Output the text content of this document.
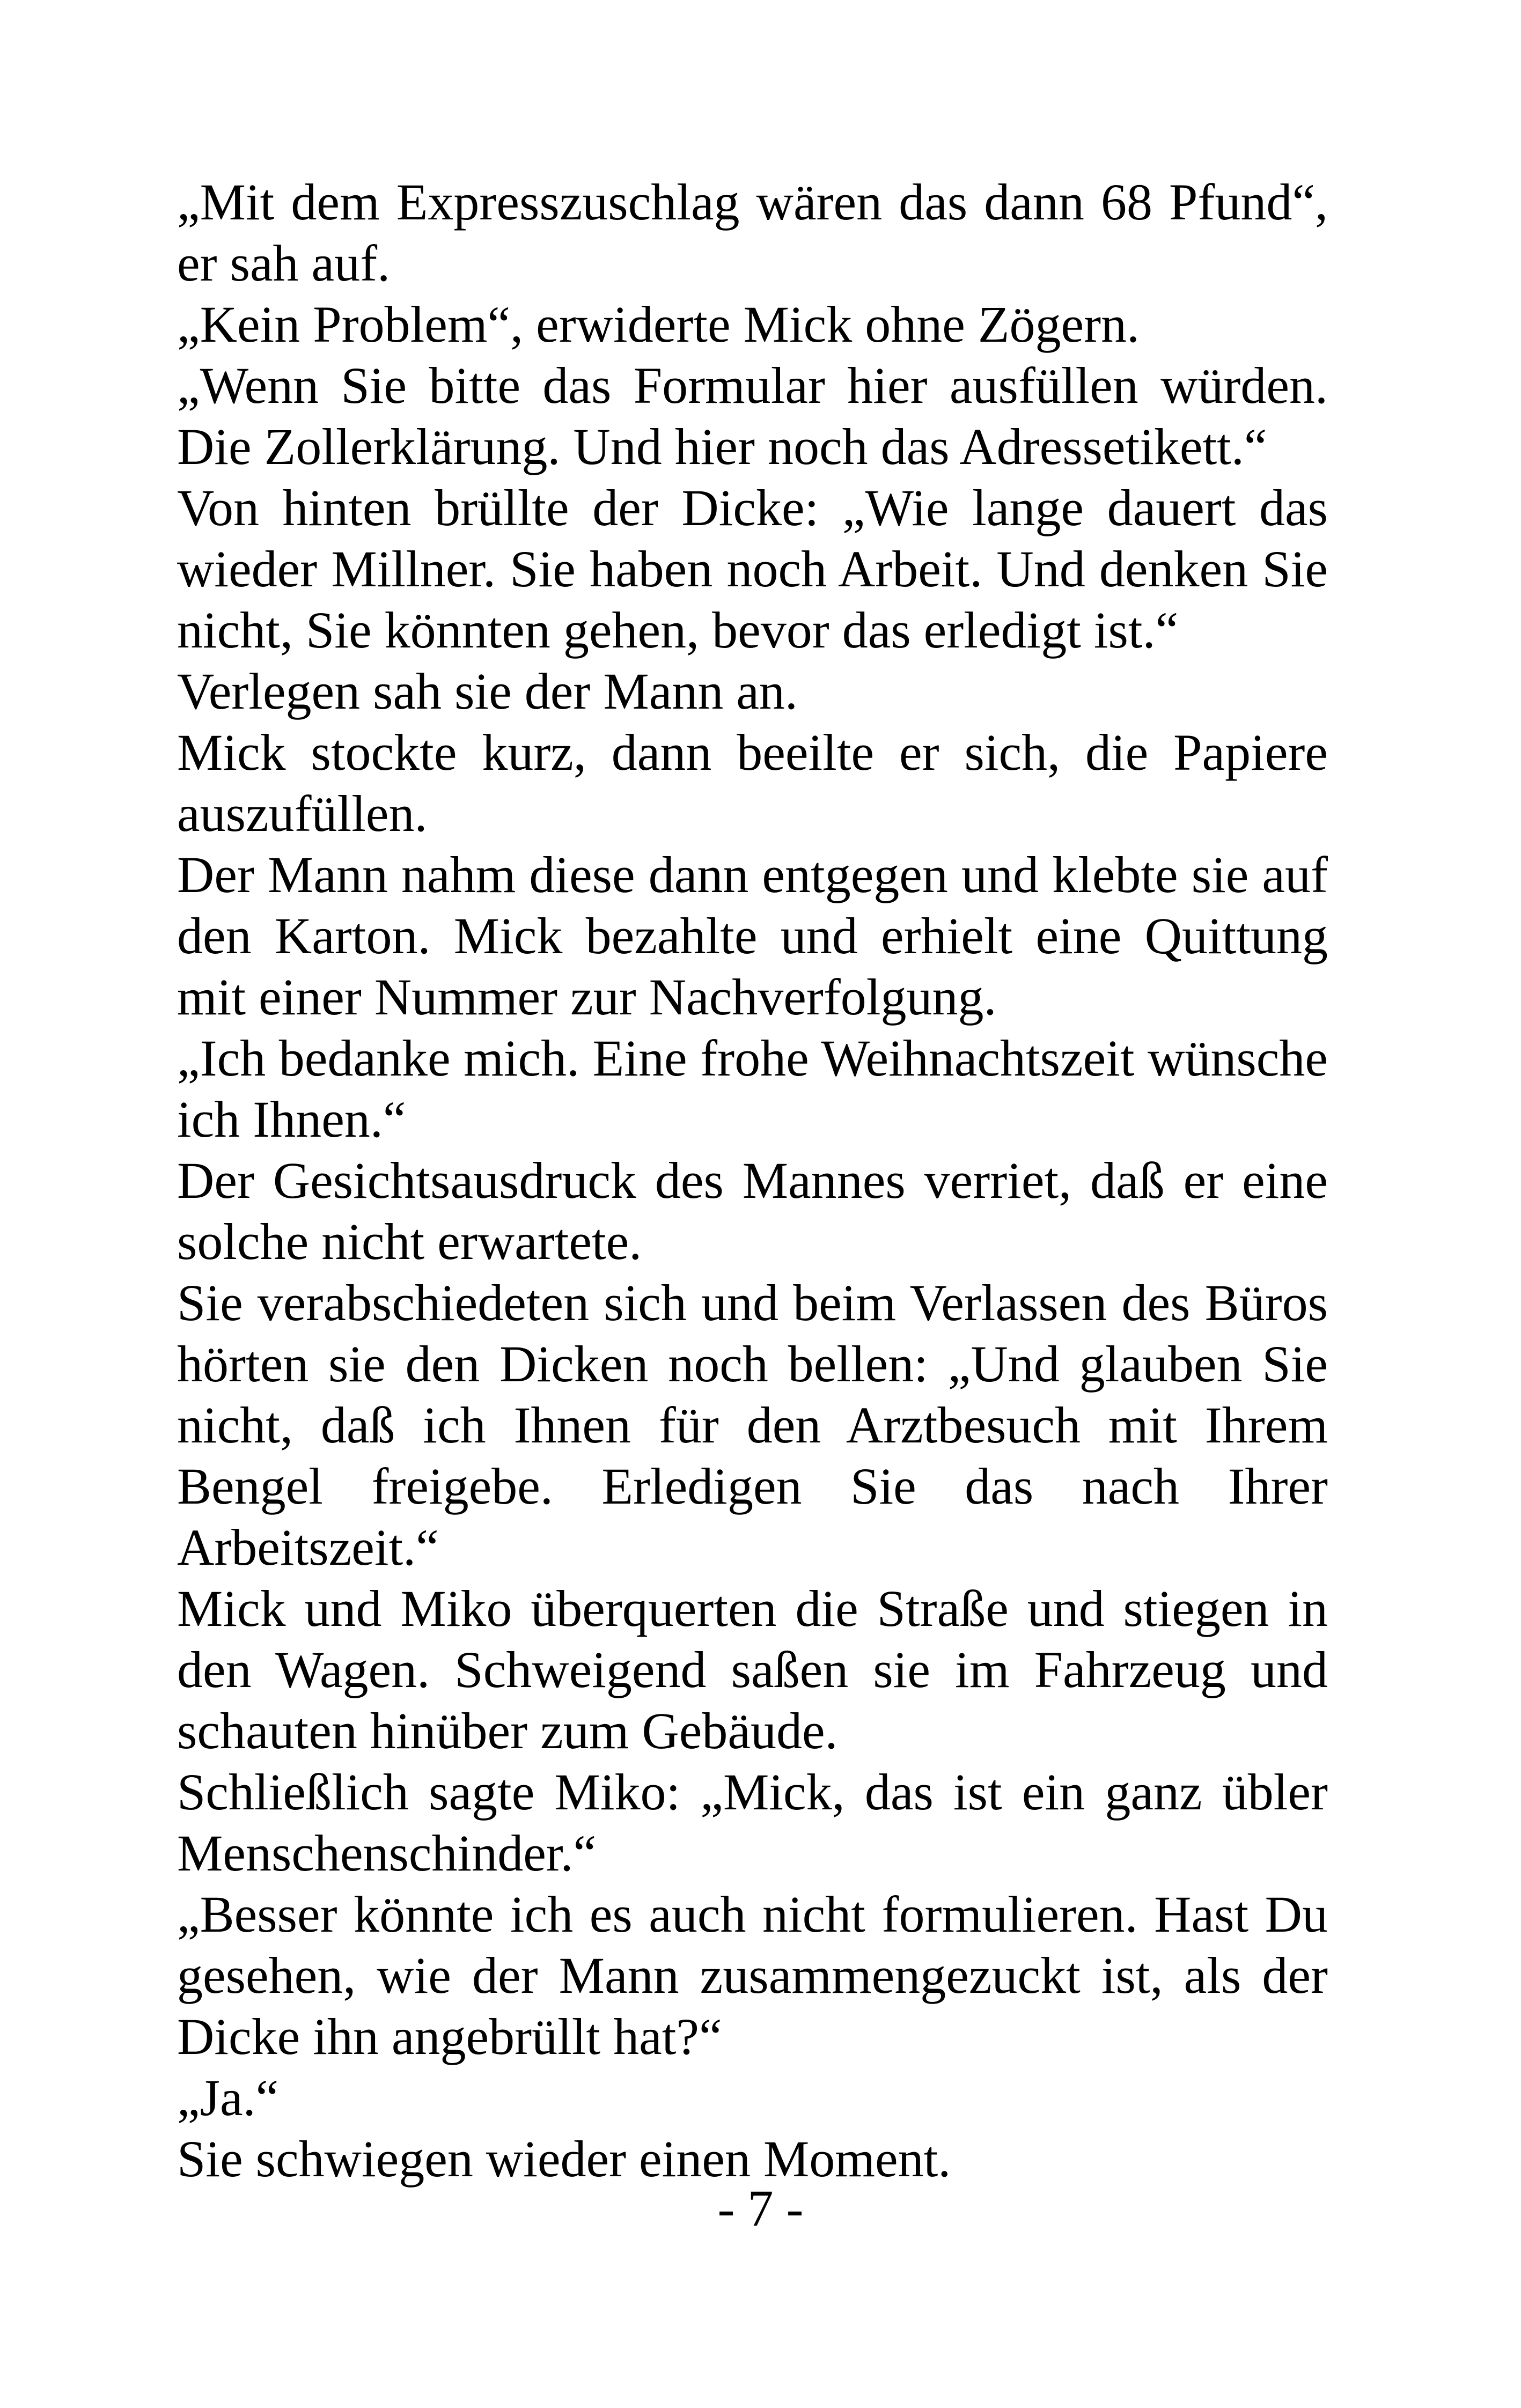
„Mit dem Expresszuschlag wären das dann 68 Pfund“, er sah auf.

„Kein Problem“, erwiderte Mick ohne Zögern.

„Wenn Sie bitte das Formular hier ausfüllen würden. Die Zollerklärung. Und hier noch das Adressetikett.“

Von hinten brüllte der Dicke: „Wie lange dauert das wieder Millner. Sie haben noch Arbeit. Und denken Sie nicht, Sie könnten gehen, bevor das erledigt ist.“

Verlegen sah sie der Mann an.

Mick stockte kurz, dann beeilte er sich, die Papiere auszufüllen.

Der Mann nahm diese dann entgegen und klebte sie auf den Karton. Mick bezahlte und erhielt eine Quittung mit einer Nummer zur Nachverfolgung.

„Ich bedanke mich. Eine frohe Weihnachtszeit wünsche ich Ihnen.“

Der Gesichtsausdruck des Mannes verriet, daß er eine solche nicht erwartete.

Sie verabschiedeten sich und beim Verlassen des Büros hörten sie den Dicken noch bellen: „Und glauben Sie nicht, daß ich Ihnen für den Arztbesuch mit Ihrem Bengel freigebe. Erledigen Sie das nach Ihrer Arbeitszeit.“

Mick und Miko überquerten die Straße und stiegen in den Wagen. Schweigend saßen sie im Fahrzeug und schauten hinüber zum Gebäude.

Schließlich sagte Miko: „Mick, das ist ein ganz übler Menschenschinder.“

„Besser könnte ich es auch nicht formulieren. Hast Du gesehen, wie der Mann zusammengezuckt ist, als der Dicke ihn angebrüllt hat?“

„Ja.“

Sie schwiegen wieder einen Moment.

- 7 -
